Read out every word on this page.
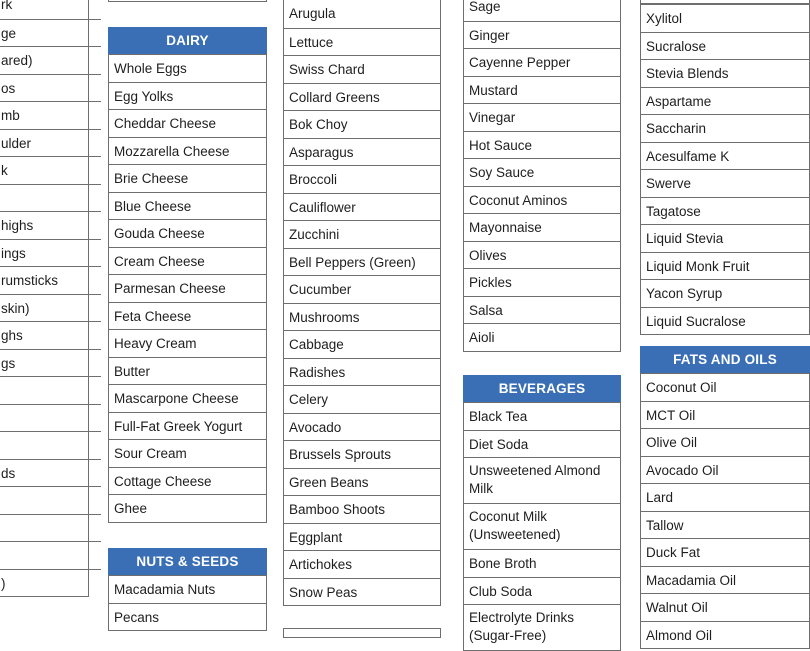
rk
ge
ared)
os
mb
ulder
k
highs
ings
rumsticks
skin)
ghs
gs
ds
)
DAIRY
Whole Eggs
Egg Yolks
Cheddar Cheese
Mozzarella Cheese
Brie Cheese
Blue Cheese
Gouda Cheese
Cream Cheese
Parmesan Cheese
Feta Cheese
Heavy Cream
Butter
Mascarpone Cheese
Full-Fat Greek Yogurt
Sour Cream
Cottage Cheese
Ghee
NUTS & SEEDS
Macadamia Nuts
Pecans
Arugula
Lettuce
Swiss Chard
Collard Greens
Bok Choy
Asparagus
Broccoli
Cauliflower
Zucchini
Bell Peppers (Green)
Cucumber
Mushrooms
Cabbage
Radishes
Celery
Avocado
Brussels Sprouts
Green Beans
Bamboo Shoots
Eggplant
Artichokes
Snow Peas
Sage
Ginger
Cayenne Pepper
Mustard
Vinegar
Hot Sauce
Soy Sauce
Coconut Aminos
Mayonnaise
Olives
Pickles
Salsa
Aioli
BEVERAGES
Black Tea
Diet Soda
Unsweetened Almond Milk
Coconut Milk (Unsweetened)
Bone Broth
Club Soda
Electrolyte Drinks (Sugar-Free)
Xylitol
Sucralose
Stevia Blends
Aspartame
Saccharin
Acesulfame K
Swerve
Tagatose
Liquid Stevia
Liquid Monk Fruit
Yacon Syrup
Liquid Sucralose
FATS AND OILS
Coconut Oil
MCT Oil
Olive Oil
Avocado Oil
Lard
Tallow
Duck Fat
Macadamia Oil
Walnut Oil
Almond Oil
